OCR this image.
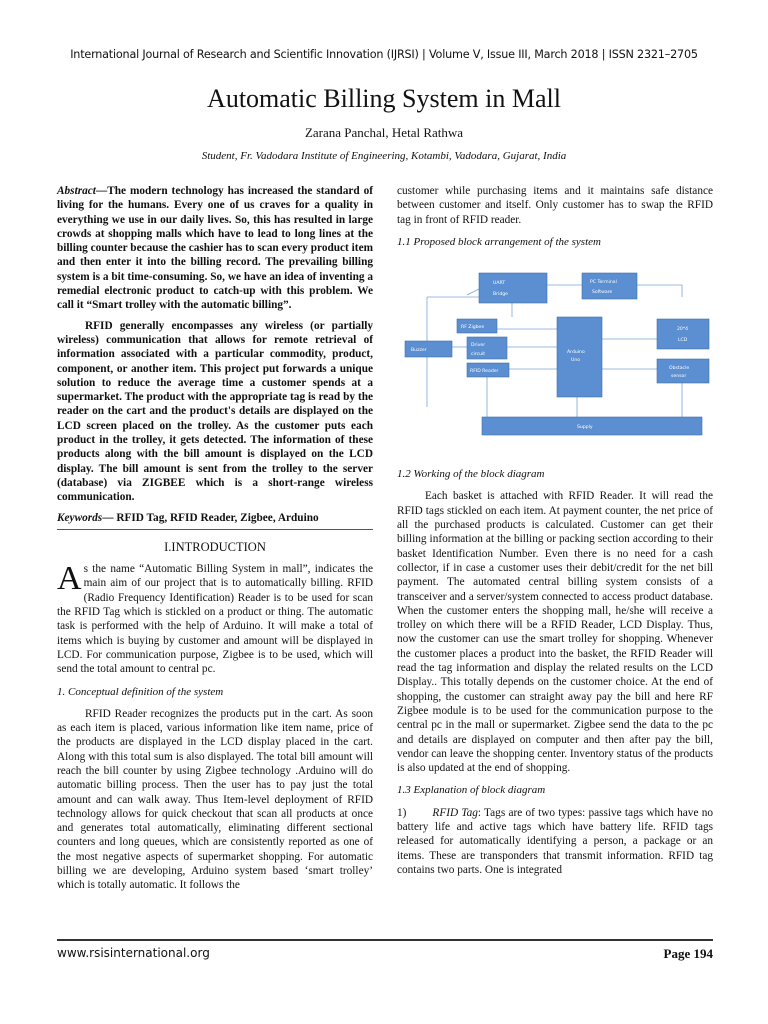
International Journal of Research and Scientific Innovation (IJRSI) | Volume V, Issue III, March 2018 | ISSN 2321–2705
Automatic Billing System in Mall
Zarana Panchal, Hetal Rathwa
Student, Fr. Vadodara Institute of Engineering, Kotambi, Vadodara, Gujarat, India

Abstract—The modern technology has increased the standard of living for the humans. Every one of us craves for a quality in everything we use in our daily lives. So, this has resulted in large crowds at shopping malls which have to lead to long lines at the billing counter because the cashier has to scan every product item and then enter it into the billing record. The prevailing billing system is a bit time-consuming. So, we have an idea of inventing a remedial electronic product to catch-up with this problem. We call it “Smart trolley with the automatic billing”.

RFID generally encompasses any wireless (or partially wireless) communication that allows for remote retrieval of information associated with a particular commodity, product, component, or another item. This project put forwards a unique solution to reduce the average time a customer spends at a supermarket. The product with the appropriate tag is read by the reader on the cart and the product's details are displayed on the LCD screen placed on the trolley. As the customer puts each product in the trolley, it gets detected. The information of these products along with the bill amount is displayed on the LCD display. The bill amount is sent from the trolley to the server (database) via ZIGBEE which is a short-range wireless communication.

Keywords— RFID Tag, RFID Reader, Zigbee, Arduino

I.INTRODUCTION

As the name “Automatic Billing System in mall”, indicates the main aim of our project that is to automatically billing. RFID (Radio Frequency Identification) Reader is to be used for scan the RFID Tag which is stickled on a product or thing. The automatic task is performed with the help of Arduino. It will make a total of items which is buying by customer and amount will be displayed in LCD. For communication purpose, Zigbee is to be used, which will send the total amount to central pc.

1. Conceptual definition of the system

RFID Reader recognizes the products put in the cart. As soon as each item is placed, various information like item name, price of the products are displayed in the LCD display placed in the cart. Along with this total sum is also displayed. The total bill amount will reach the bill counter by using Zigbee technology .Arduino will do automatic billing process. Then the user has to pay just the total amount and can walk away. Thus Item-level deployment of RFID technology allows for quick checkout that scan all products at once and generates total automatically, eliminating different sectional counters and long queues, which are consistently reported as one of the most negative aspects of supermarket shopping. For automatic billing we are developing, Arduino system based ‘smart trolley’ which is totally automatic. It follows the

customer while purchasing items and it maintains safe distance between customer and itself. Only customer has to swap the RFID tag in front of RFID reader.

1.1 Proposed block arrangement of the system

UART
Bridge
PC Terminal
Software
RF Zigbee	20*4
LCD
Arduino
Uno
Buzzer
Driver
circuit
RFID Reader
Obstacle
sensor
Supply

1.2 Working of the block diagram

Each basket is attached with RFID Reader. It will read the RFID tags stickled on each item. At payment counter, the net price of all the purchased products is calculated. Customer can get their billing information at the billing or packing section according to their basket Identification Number. Even there is no need for a cash collector, if in case a customer uses their debit/credit for the net bill payment. The automated central billing system consists of a transceiver and a server/system connected to access product database. When the customer enters the shopping mall, he/she will receive a trolley on which there will be a RFID Reader, LCD Display. Thus, now the customer can use the smart trolley for shopping. Whenever the customer places a product into the basket, the RFID Reader will read the tag information and display the related results on the LCD Display.. This totally depends on the customer choice. At the end of shopping, the customer can straight away pay the bill and here RF Zigbee module is to be used for the communication purpose to the central pc in the mall or supermarket. Zigbee send the data to the pc and details are displayed on computer and then after pay the bill, vendor can leave the shopping center. Inventory status of the products is also updated at the end of shopping.

1.3 Explanation of block diagram

1) RFID Tag: Tags are of two types: passive tags which have no battery life and active tags which have battery life. RFID tags released for automatically identifying a person, a package or an items. These are transponders that transmit information. RFID tag contains two parts. One is integrated

www.rsisinternational.org	Page 194
